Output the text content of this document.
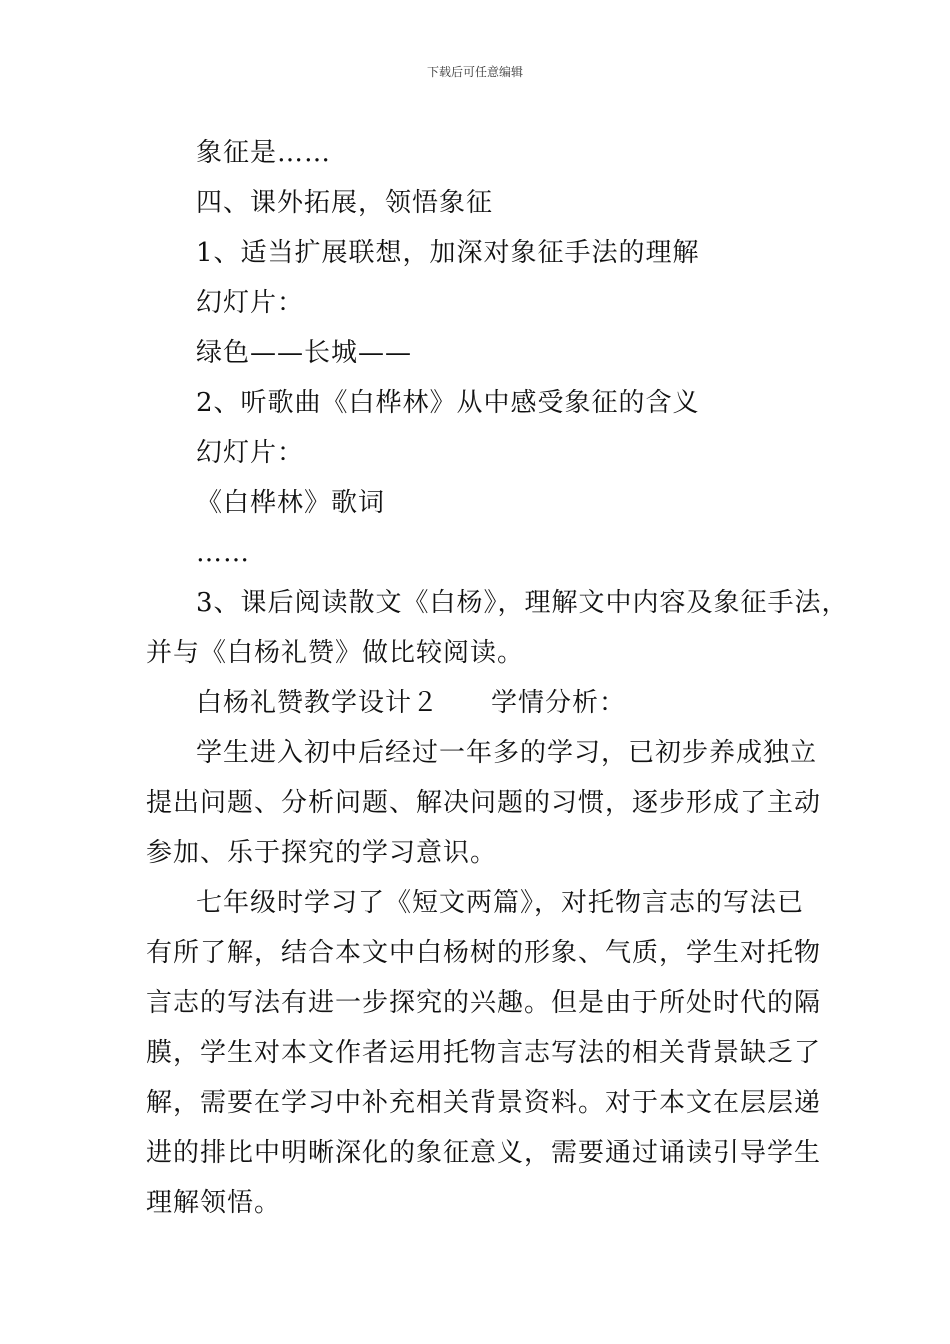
下载后可任意编辑

象征是……

四、课外拓展，领悟象征

1、适当扩展联想，加深对象征手法的理解

幻灯片：

绿色——长城——

2、听歌曲《白桦林》从中感受象征的含义

幻灯片：

《白桦林》歌词

……

3、课后阅读散文《白杨》，理解文中内容及象征手法，

并与《白杨礼赞》做比较阅读。

白杨礼赞教学设计２ 学情分析：

学生进入初中后经过一年多的学习，已初步养成独立

提出问题、分析问题、解决问题的习惯，逐步形成了主动

参加、乐于探究的学习意识。

七年级时学习了《短文两篇》，对托物言志的写法已

有所了解，结合本文中白杨树的形象、气质，学生对托物

言志的写法有进一步探究的兴趣。但是由于所处时代的隔

膜，学生对本文作者运用托物言志写法的相关背景缺乏了

解，需要在学习中补充相关背景资料。对于本文在层层递

进的排比中明晰深化的象征意义，需要通过诵读引导学生

理解领悟。
